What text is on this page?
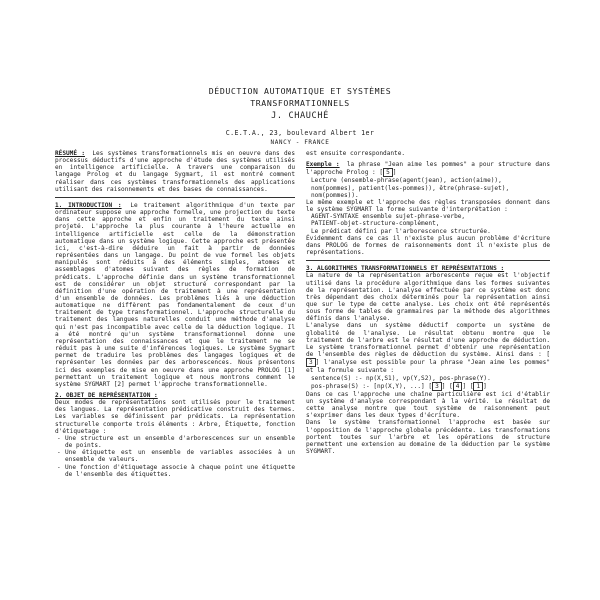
DÉDUCTION AUTOMATIQUE ET SYSTÈMES
TRANSFORMATIONNELS
J. CHAUCHÉ
C.E.T.A., 23, boulevard Albert 1er
NANCY - FRANCE
RÉSUMÉ : Les systèmes transformationnels mis en oeuvre dans des processus déductifs d'une approche d'étude des systèmes utilisés en intelligence artificielle. A travers une comparaison du langage Prolog et du langage Sygmart, il est montré comment réaliser dans ces systèmes transformationnels des applications utilisant des raisonnements et des bases de connaissances.
1. INTRODUCTION : Le traitement algorithmique d'un texte par ordinateur suppose une approche formelle, une projection du texte dans cette approche et enfin un traitement du texte ainsi projeté. L'approche la plus courante à l'heure actuelle en intelligence artificielle est celle de la démonstration automatique dans un système logique. Cette approche est présentée ici, c'est-à-dire déduire un fait à partir de données représentées dans un langage. Du point de vue formel les objets manipulés sont réduits à des éléments simples, atomes et assemblages d'atomes suivant des règles de formation de prédicats. L'approche définie dans un système transformationnel est de considérer un objet structuré correspondant par la définition d'une opération de traitement à une représentation d'un ensemble de données. Les problèmes liés à une déduction automatique ne diffèrent pas fondamentalement de ceux d'un traitement de type transformationnel. L'approche structurelle du traitement des langues naturelles conduit une méthode d'analyse qui n'est pas incompatible avec celle de la déduction logique. Il a été montré qu'un système transformationnel donne une représentation des connaissances et que le traitement ne se réduit pas à une suite d'inférences logiques. Le système Sygmart permet de traduire les problèmes des langages logiques et de représenter les données par des arborescences. Nous présentons ici des exemples de mise en oeuvre dans une approche PROLOG [1] permettant un traitement logique et nous montrons comment le système SYGMART [2] permet l'approche transformationnelle.
2. OBJET DE REPRÉSENTATION :
Deux modes de représentations sont utilisés pour le traitement des langues. La représentation prédicative construit des termes. Les variables se définissent par prédicats. La représentation structurelle comporte trois éléments : Arbre, Étiquette, fonction d'étiquetage :
- Une structure est un ensemble d'arborescences sur un ensemble de points.
- Une étiquette est un ensemble de variables associées à un ensemble de valeurs.
- Une fonction d'étiquetage associe à chaque point une étiquette de l'ensemble des étiquettes.
est ensuite correspondante.
Exemple : la phrase "Jean aime les pommes" a pour structure dans l'approche Prolog : [ 5 ]
Lecture (ensemble-phrase(agent(jean), action(aime)),
nom(pommes), patient(les-pommes)), être(phrase-sujet),
nom(pommes)).
Le même exemple et l'approche des règles transposées donnent dans le système SYGMART la forme suivante d'interprétation :
AGENT-SYNTAXE ensemble sujet-phrase-verbe,
PATIENT-objet-structure-complément,
Le prédicat défini par l'arborescence structurée.
Évidemment dans ce cas il n'existe plus aucun problème d'écriture dans PROLOG de formes de raisonnements dont il n'existe plus de représentations.
3. ALGORITHMES TRANSFORMATIONNELS ET REPRÉSENTATIONS :
La nature de la représentation arborescente reçue est l'objectif utilisé dans la procédure algorithmique dans les formes suivantes de la représentation. L'analyse effectuée par ce système est donc très dépendant des choix déterminés pour la représentation ainsi que sur le type de cette analyse. Les choix ont été représentés sous forme de tables de grammaires par la méthode des algorithmes définis dans l'analyse.
L'analyse dans un système déductif comporte un système de globalité de l'analyse. Le résultat obtenu montre que le traitement de l'arbre est le résultat d'une approche de déduction. Le système transformationnel permet d'obtenir une représentation de l'ensemble des règles de déduction du système. Ainsi dans : [3 ] l'analyse est possible pour la phrase "Jean aime les pommes" et la formule suivante :
sentence(S) :- np(X,S1), vp(Y,S2), pos-phrase(Y).
pos-phrase(S) :- [np(X,Y), ...] [ 3 ] [ 4 ] [ 1 ]
Dans ce cas l'approche une chaîne particulière est ici d'établir un système d'analyse correspondant à la vérité. Le résultat de cette analyse montre que tout système de raisonnement peut s'exprimer dans les deux types d'écriture.
Dans le système transformationnel l'approche est basée sur l'opposition de l'approche globale précédente. Les transformations portent toutes sur l'arbre et les opérations de structure permettent une extension au domaine de la déduction par le système SYGMART.
